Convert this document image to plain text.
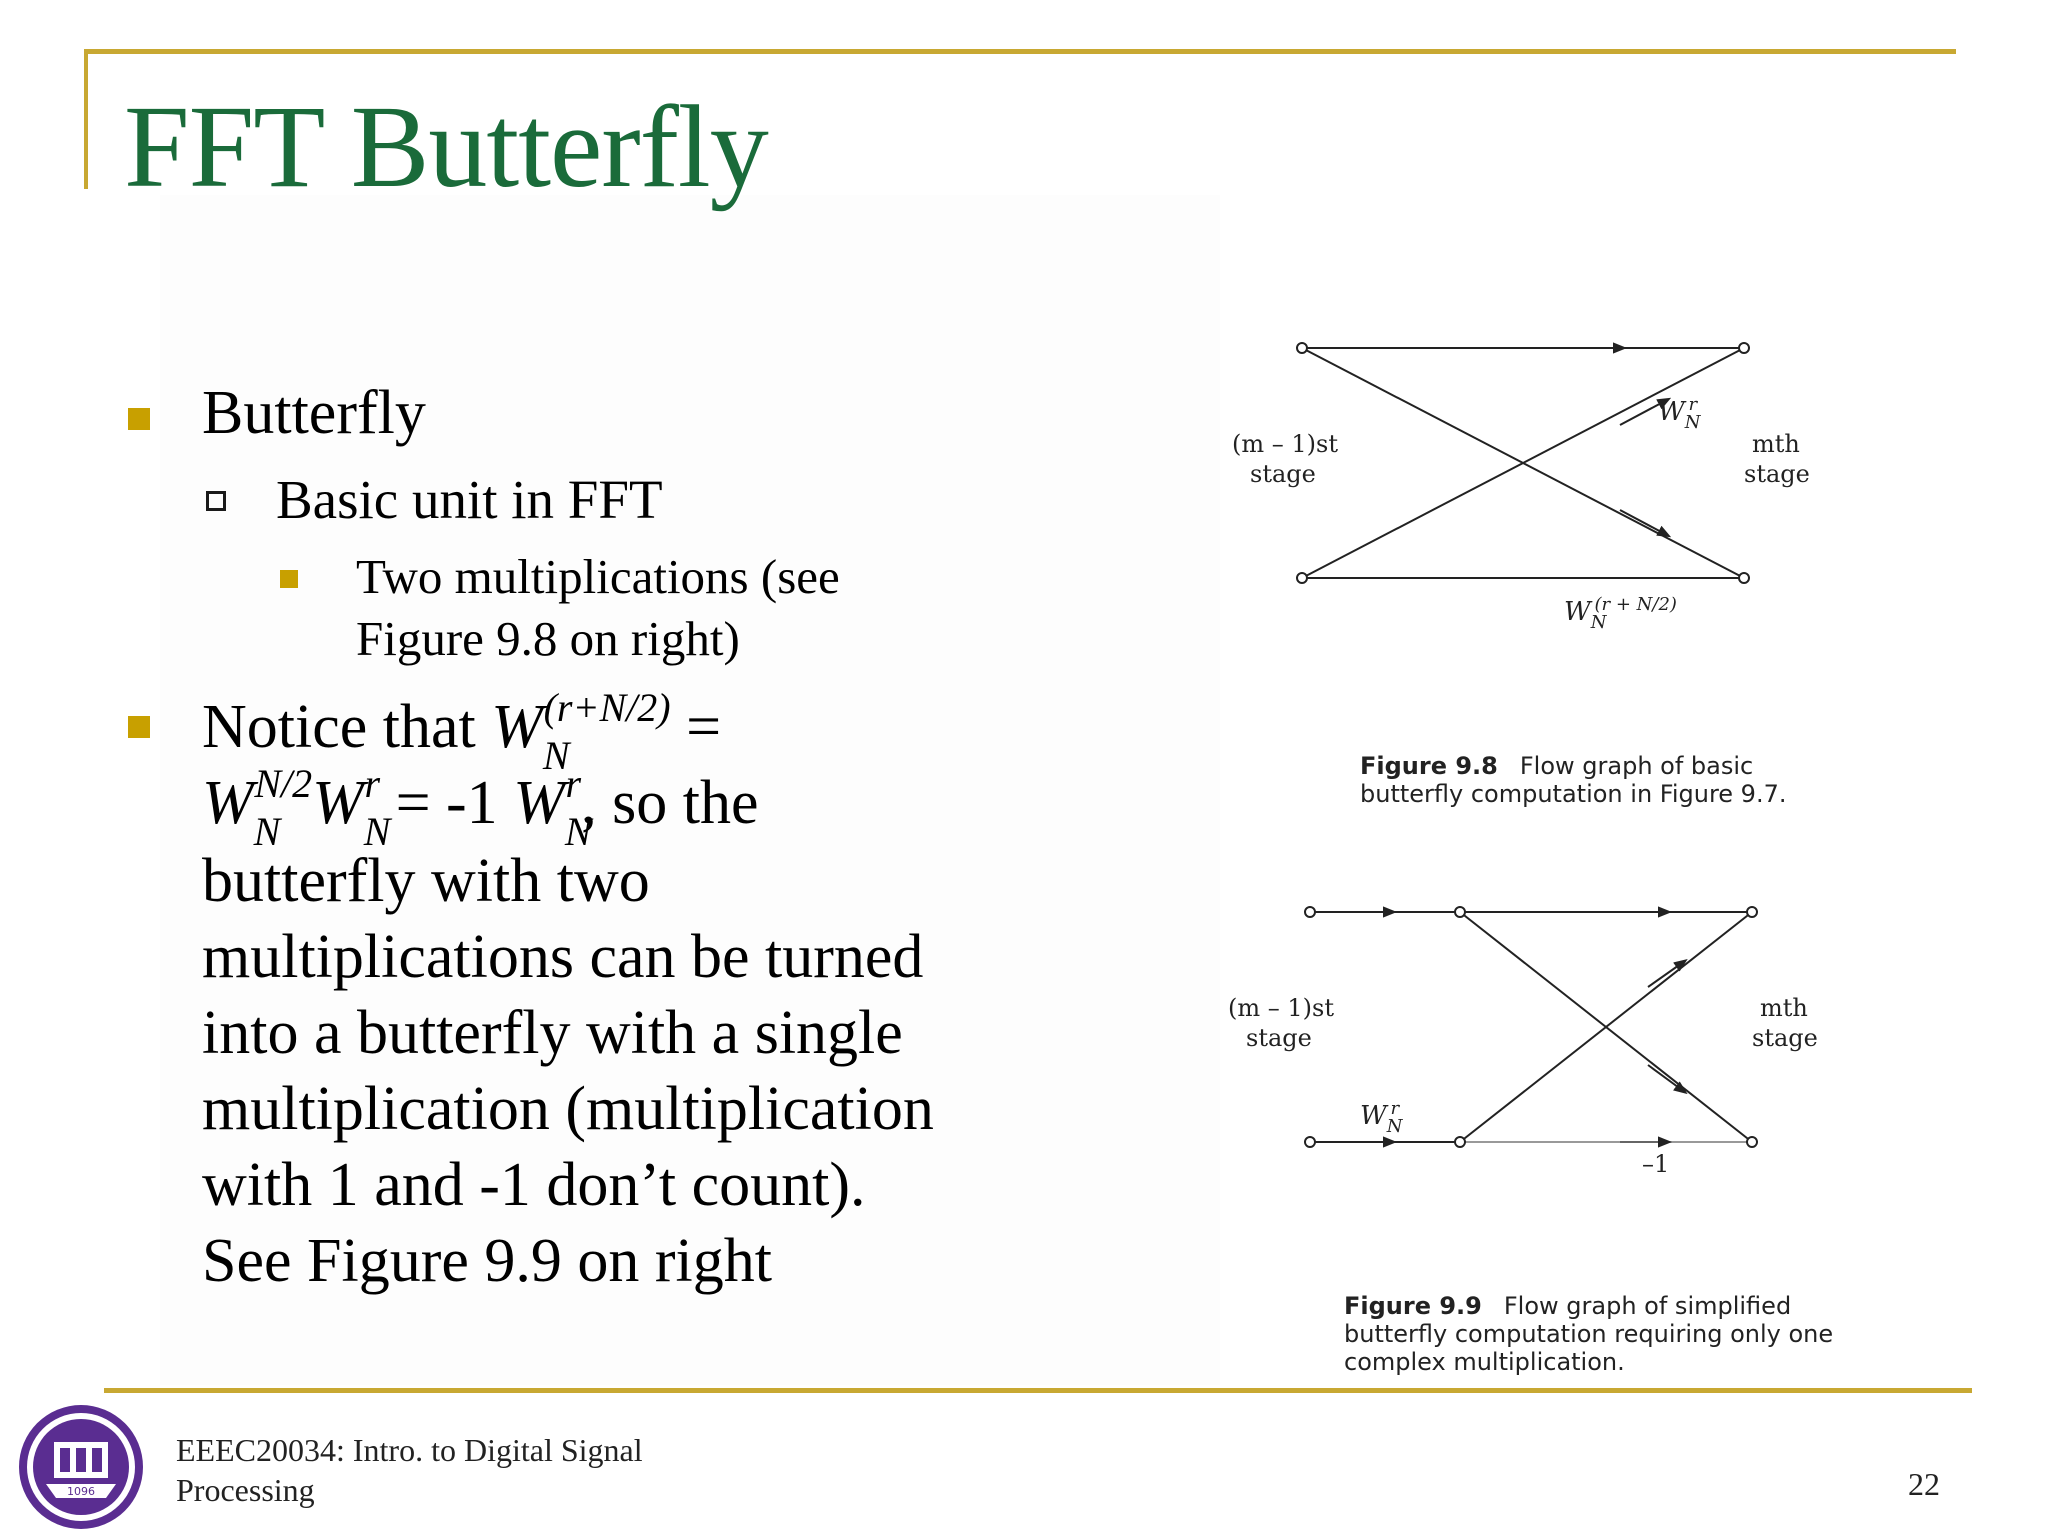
FFT Butterfly
Butterfly
Basic unit in FFT
Two multiplications (see
Figure 9.8 on right)
Notice that $W_N^{(r+N/2)}$ =
$W_N^{N/2}W_N^r = -1$ $W_N^r$, so the
butterfly with two
multiplications can be turned
into a butterfly with a single
multiplication (multiplication
with 1 and -1 don’t count).
See Figure 9.9 on right
(m – 1)st
stage
mth
stage
$W_Nr$
$W_N(r + N/2)$
Figure 9.8 Flow graph of basic
butterfly computation in Figure 9.7.
(m – 1)st
stage
mth
stage
$W_Nr$
–1
Figure 9.9 Flow graph of simplified
butterfly computation requiring only one
complex multiplication.
1096
EEEC20034: Intro. to Digital Signal
Processing	22
